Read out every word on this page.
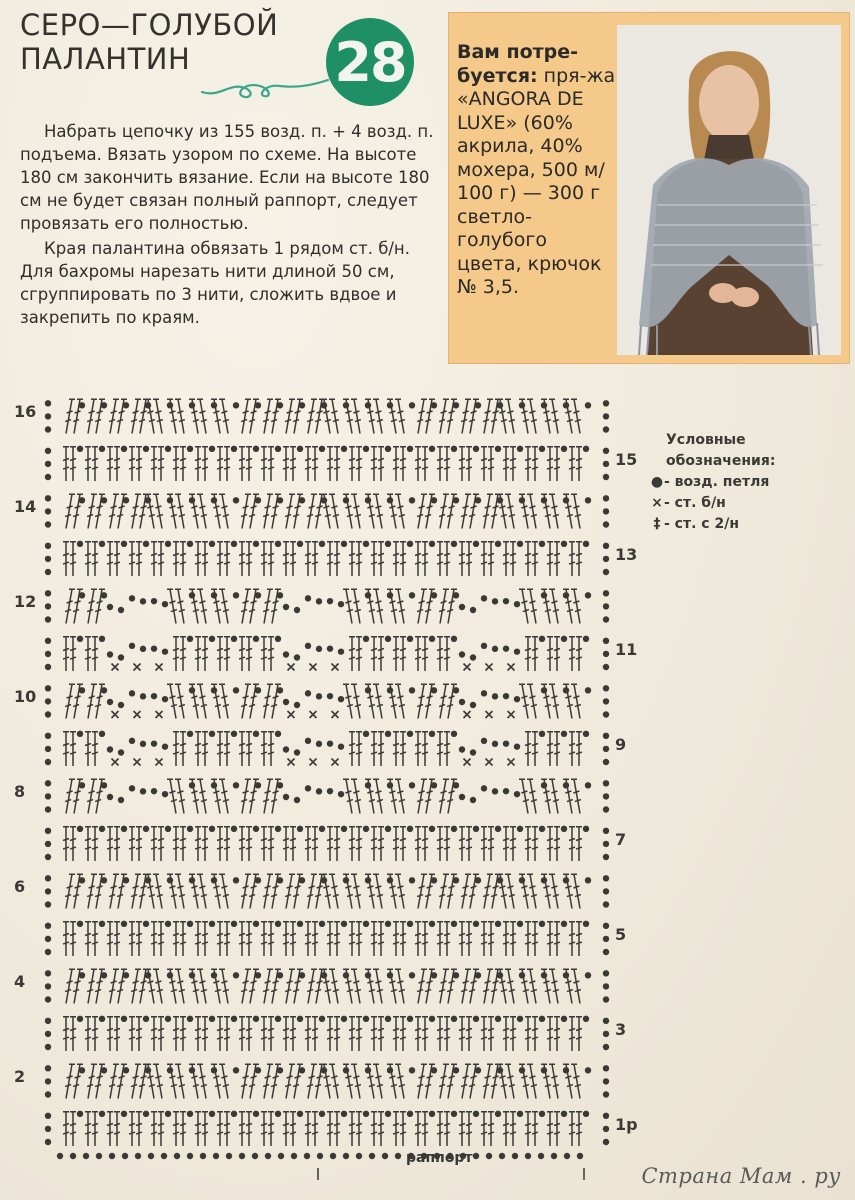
СЕРО—ГОЛУБОЙ
ПАЛАНТИН	28

Набрать цепочку из 155 возд. п. + 4 возд. п. подъема. Вязать узором по схеме. На высоте 180 см закончить вязание. Если на высоте 180 см не будет связан полный раппорт, следует провязать его полностью.

Края палантина обвязать 1 рядом ст. б/н. Для бахромы нарезать нити длиной 50 см, сгруппировать по 3 нити, сложить вдвое и закрепить по краям.

Вам потре-буется: пря-жа «ANGORA DE LUXE» (60% акрила, 40% мохера, 500 м/ 100 г) — 300 г светло-голубого цвета, крючок № 3,5.
Условные обозначения:
●- возд. петля
×- ст. б/н
‡ - ст. с 2/н
1р
2
3
4
5
6
7
8
9
10
11
12
13
14
15
16
раппорт
Страна Мам . ру
